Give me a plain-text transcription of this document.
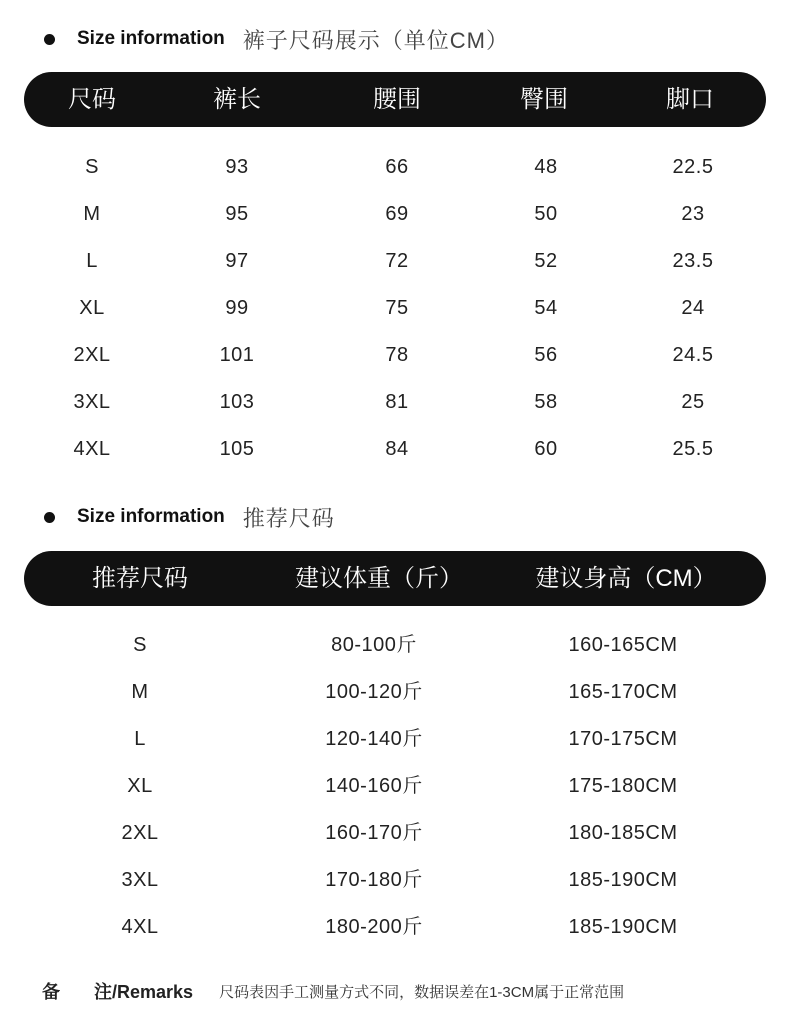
Size information 裤子尺码展示（单位CM）
尺码	裤长	腰围	臀围	脚口
S	93	66	48	22.5
M	95	69	50	23
L	97	72	52	23.5
XL	99	75	54	24
2XL	101	78	56	24.5
3XL	103	81	58	25
4XL	105	84	60	25.5
Size information 推荐尺码
推荐尺码	建议体重（斤）	建议身高（CM）
S	80-100斤	160-165CM
M	100-120斤	165-170CM
L	120-140斤	170-175CM
XL	140-160斤	175-180CM
2XL	160-170斤	180-185CM
3XL	170-180斤	185-190CM
4XL	180-200斤	185-190CM
备	注/Remarks 尺码表因手工测量方式不同，数据误差在1-3CM属于正常范围
